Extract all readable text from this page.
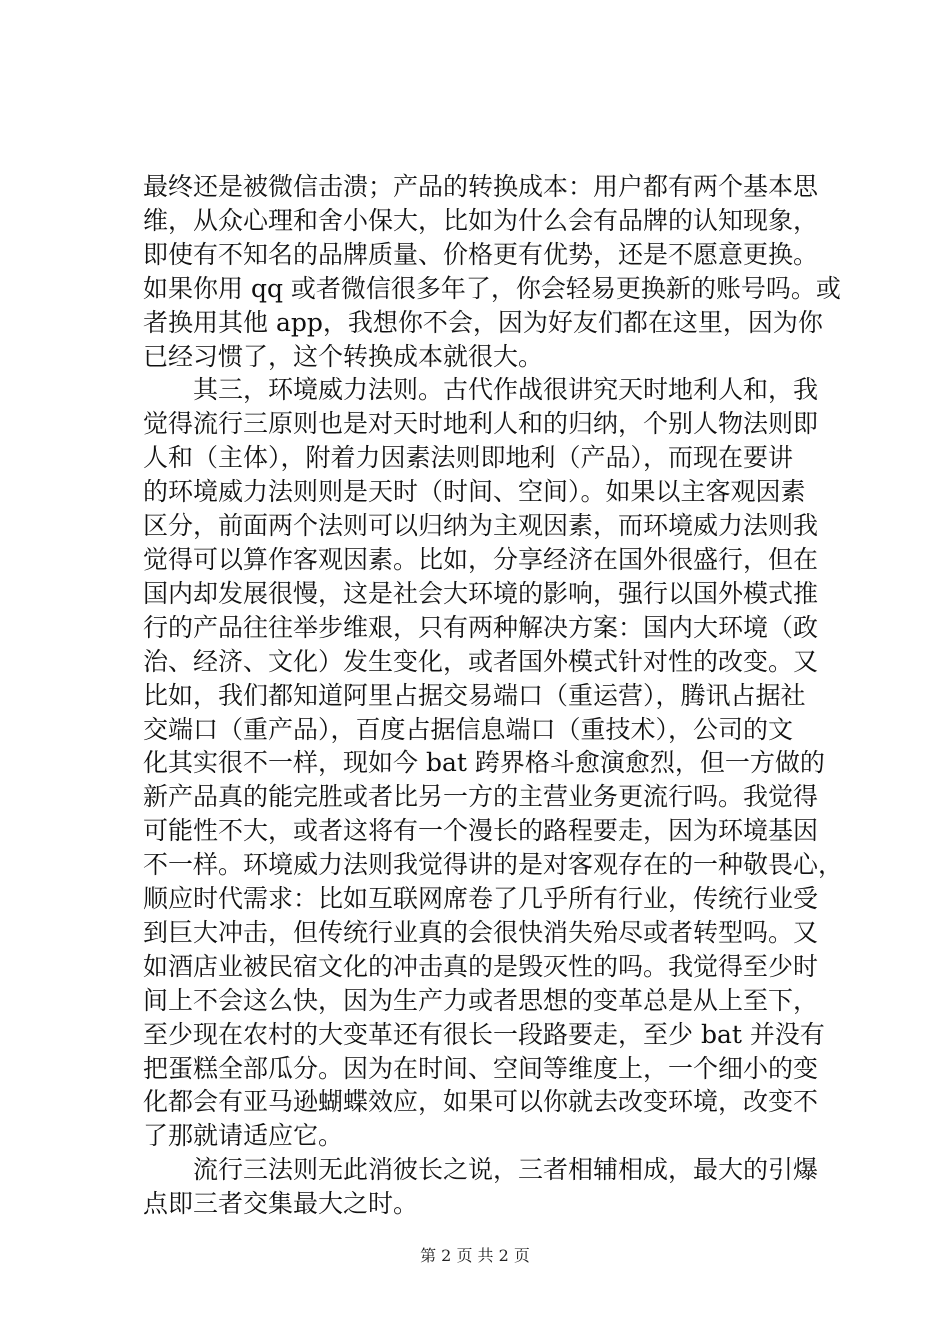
最终还是被微信击溃；产品的转换成本：用户都有两个基本思
维，从众心理和舍小保大，比如为什么会有品牌的认知现象，
即使有不知名的品牌质量、价格更有优势，还是不愿意更换。
如果你用 qq 或者微信很多年了，你会轻易更换新的账号吗。或
者换用其他 app，我想你不会，因为好友们都在这里，因为你
已经习惯了，这个转换成本就很大。
其三，环境威力法则。古代作战很讲究天时地利人和，我
觉得流行三原则也是对天时地利人和的归纳，个别人物法则即
人和（主体），附着力因素法则即地利（产品），而现在要讲
的环境威力法则则是天时（时间、空间）。如果以主客观因素
区分，前面两个法则可以归纳为主观因素，而环境威力法则我
觉得可以算作客观因素。比如，分享经济在国外很盛行，但在
国内却发展很慢，这是社会大环境的影响，强行以国外模式推
行的产品往往举步维艰，只有两种解决方案：国内大环境（政
治、经济、文化）发生变化，或者国外模式针对性的改变。又
比如，我们都知道阿里占据交易端口（重运营），腾讯占据社
交端口（重产品），百度占据信息端口（重技术），公司的文
化其实很不一样，现如今 bat 跨界格斗愈演愈烈，但一方做的
新产品真的能完胜或者比另一方的主营业务更流行吗。我觉得
可能性不大，或者这将有一个漫长的路程要走，因为环境基因
不一样。环境威力法则我觉得讲的是对客观存在的一种敬畏心，
顺应时代需求：比如互联网席卷了几乎所有行业，传统行业受
到巨大冲击，但传统行业真的会很快消失殆尽或者转型吗。又
如酒店业被民宿文化的冲击真的是毁灭性的吗。我觉得至少时
间上不会这么快，因为生产力或者思想的变革总是从上至下，
至少现在农村的大变革还有很长一段路要走，至少 bat 并没有
把蛋糕全部瓜分。因为在时间、空间等维度上，一个细小的变
化都会有亚马逊蝴蝶效应，如果可以你就去改变环境，改变不
了那就请适应它。
流行三法则无此消彼长之说，三者相辅相成，最大的引爆
点即三者交集最大之时。
第 2 页 共 2 页
